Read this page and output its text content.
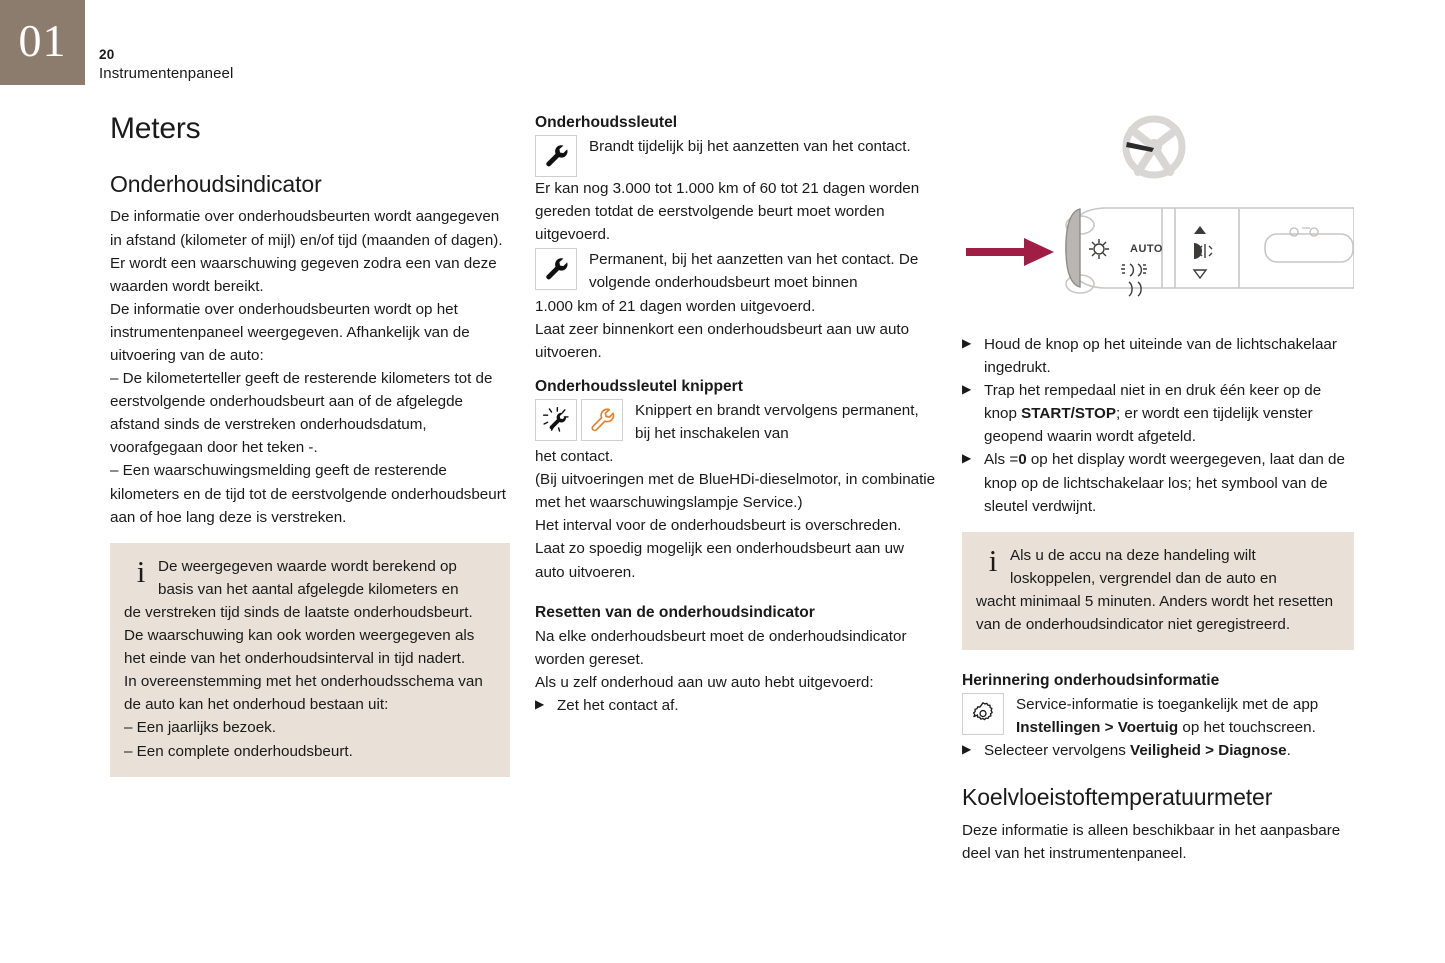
01 20
Instrumentenpaneel
Meters
Onderhoudsindicator

De informatie over onderhoudsbeurten wordt aangegeven in afstand (kilometer of mijl) en/of tijd (maanden of dagen).

Er wordt een waarschuwing gegeven zodra een van deze waarden wordt bereikt.

De informatie over onderhoudsbeurten wordt op het instrumentenpaneel weergegeven. Afhankelijk van de uitvoering van de auto:

– De kilometerteller geeft de resterende kilometers tot de eerstvolgende onderhoudsbeurt aan of de afgelegde afstand sinds de verstreken onderhoudsdatum, voorafgegaan door het teken -.

– Een waarschuwingsmelding geeft de resterende kilometers en de tijd tot de eerstvolgende onderhoudsbeurt aan of hoe lang deze is verstreken.

i De weergegeven waarde wordt berekend op basis van het aantal afgelegde kilometers en

de verstreken tijd sinds de laatste onderhoudsbeurt.

De waarschuwing kan ook worden weergegeven als het einde van het onderhoudsinterval in tijd nadert.

In overeenstemming met het onderhoudsschema van de auto kan het onderhoud bestaan uit:

– Een jaarlijks bezoek.

– Een complete onderhoudsbeurt.

Onderhoudssleutel
Brandt tijdelijk bij het aanzetten van het contact.

Er kan nog 3.000 tot 1.000 km of 60 tot 21 dagen worden gereden totdat de eerstvolgende beurt moet worden uitgevoerd.

Permanent, bij het aanzetten van het contact. De volgende onderhoudsbeurt moet binnen

1.000 km of 21 dagen worden uitgevoerd.

Laat zeer binnenkort een onderhoudsbeurt aan uw auto uitvoeren.

Onderhoudssleutel knippert
Knippert en brandt vervolgens permanent, bij het inschakelen van

het contact.

(Bij uitvoeringen met de BlueHDi-dieselmotor, in combinatie met het waarschuwingslampje Service.)

Het interval voor de onderhoudsbeurt is overschreden.

Laat zo spoedig mogelijk een onderhoudsbeurt aan uw auto uitvoeren.

Resetten van de onderhoudsindicator

Na elke onderhoudsbeurt moet de onderhoudsindicator worden gereset.

Als u zelf onderhoud aan uw auto hebt uitgevoerd:

▶ Zet het contact af.
AUTO
▶ Houd de knop op het uiteinde van de lichtschakelaar ingedrukt.
▶ Trap het rempedaal niet in en druk één keer op de knop START/STOP; er wordt een tijdelijk venster geopend waarin wordt afgeteld.
▶ Als =0 op het display wordt weergegeven, laat dan de knop op de lichtschakelaar los; het symbool van de sleutel verdwijnt.
i Als u de accu na deze handeling wilt loskoppelen, vergrendel dan de auto en

wacht minimaal 5 minuten. Anders wordt het resetten van de onderhoudsindicator niet geregistreerd.

Herinnering onderhoudsinformatie
Service-informatie is toegankelijk met de app Instellingen > Voertuig op het touchscreen.
▶ Selecteer vervolgens Veiligheid > Diagnose.
Koelvloeistoftemperatuurmeter

Deze informatie is alleen beschikbaar in het aanpasbare deel van het instrumentenpaneel.
